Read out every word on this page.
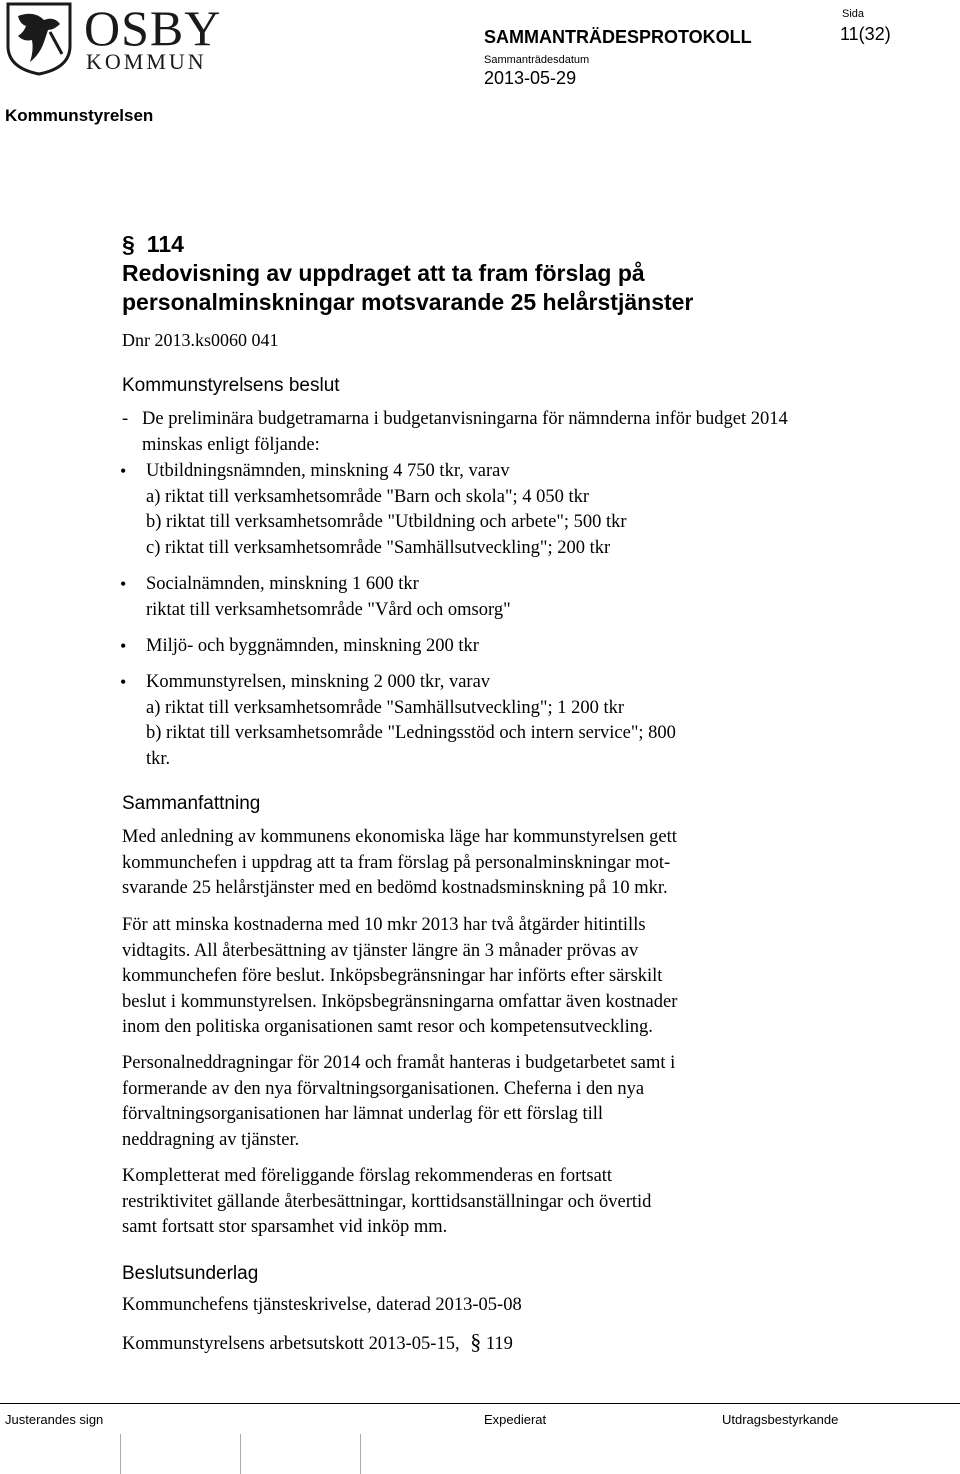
OSBY
KOMMUN
SAMMANTRÄDESPROTOKOLL
Sammanträdesdatum
2013-05-29
Sida
11(32)
Kommunstyrelsen
§ 114
Redovisning av uppdraget att ta fram förslag på
personalminskningar motsvarande 25 helårstjänster
Dnr 2013.ks0060 041
Kommunstyrelsens beslut
- De preliminära budgetramarna i budgetanvisningarna för nämnderna inför budget 2014 minskas enligt följande:
• Utbildningsnämnden, minskning 4 750 tkr, varav
a) riktat till verksamhetsområde "Barn och skola"; 4 050 tkr
b) riktat till verksamhetsområde "Utbildning och arbete"; 500 tkr
c) riktat till verksamhetsområde "Samhällsutveckling"; 200 tkr
• Socialnämnden, minskning 1 600 tkr
riktat till verksamhetsområde "Vård och omsorg"
• Miljö- och byggnämnden, minskning 200 tkr
• Kommunstyrelsen, minskning 2 000 tkr, varav
a) riktat till verksamhetsområde "Samhällsutveckling"; 1 200 tkr
b) riktat till verksamhetsområde "Ledningsstöd och intern service"; 800
tkr.
Sammanfattning
Med anledning av kommunens ekonomiska läge har kommunstyrelsen gett
kommunchefen i uppdrag att ta fram förslag på personalminskningar mot-
svarande 25 helårstjänster med en bedömd kostnadsminskning på 10 mkr.
För att minska kostnaderna med 10 mkr 2013 har två åtgärder hitintills
vidtagits. All återbesättning av tjänster längre än 3 månader prövas av
kommunchefen före beslut. Inköpsbegränsningar har införts efter särskilt
beslut i kommunstyrelsen. Inköpsbegränsningarna omfattar även kostnader
inom den politiska organisationen samt resor och kompetensutveckling.
Personalneddragningar för 2014 och framåt hanteras i budgetarbetet samt i
formerande av den nya förvaltningsorganisationen. Cheferna i den nya
förvaltningsorganisationen har lämnat underlag för ett förslag till
neddragning av tjänster.
Kompletterat med föreliggande förslag rekommenderas en fortsatt
restriktivitet gällande återbesättningar, korttidsanställningar och övertid
samt fortsatt stor sparsamhet vid inköp mm.
Beslutsunderlag
Kommunchefens tjänsteskrivelse, daterad 2013-05-08
Kommunstyrelsens arbetsutskott 2013-05-15, § 119
Justerandes sign	Expedierat	Utdragsbestyrkande
